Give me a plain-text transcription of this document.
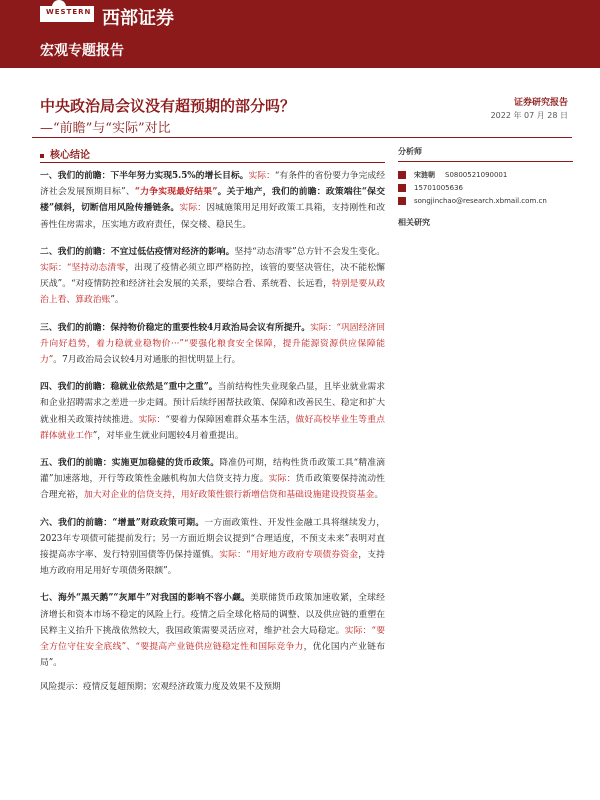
WESTERN 西部证券
宏观专题报告
中央政治局会议没有超预期的部分吗？
—“前瞻”与“实际”对比
证券研究报告
2022 年 07 月 28 日
核心结论	分析师
宋涟朝 S0800521090001
15701005636
songjinchao@research.xbmail.com.cn
相关研究

一、我们的前瞻：下半年努力实现5.5%的增长目标。实际：“有条件的省份要力争完成经济社会发展预期目标”、“力争实现最好结果”。关于地产，我们的前瞻：政策端往“保交楼”倾斜，切断信用风险传播链条。实际：因城施策用足用好政策工具箱，支持刚性和改善性住房需求，压实地方政府责任，保交楼、稳民生。

二、我们的前瞻：不宜过低估疫情对经济的影响。坚持“动态清零”总方针不会发生变化。实际：“坚持动态清零，出现了疫情必须立即严格防控，该管的要坚决管住，决不能松懈厌战”。“对疫情防控和经济社会发展的关系，要综合看、系统看、长远看，特别是要从政治上看、算政治账”。

三、我们的前瞻：保持物价稳定的重要性较4月政治局会议有所提升。实际：“巩固经济回升向好趋势，着力稳就业稳物价···”“要强化粮食安全保障，提升能源资源供应保障能力”。7月政治局会议较4月对通胀的担忧明显上行。

四、我们的前瞻：稳就业依然是“重中之重”。当前结构性失业现象凸显，且毕业就业需求和企业招聘需求之差进一步走阔。预计后续纾困帮扶政策、保障和改善民生、稳定和扩大就业相关政策持续推进。实际：“要着力保障困难群众基本生活，做好高校毕业生等重点群体就业工作”，对毕业生就业问题较4月着重提出。

五、我们的前瞻：实施更加稳健的货币政策。降准仍可期，结构性货币政策工具“精准滴灌”加速落地，开行等政策性金融机构加大信贷支持力度。实际：货币政策要保持流动性合理充裕，加大对企业的信贷支持，用好政策性银行新增信贷和基础设施建设投资基金。

六、我们的前瞻：“增量”财政政策可期。一方面政策性、开发性金融工具将继续发力，2023年专项债可能提前发行；另一方面近期会议提到“合理适度，不预支未来”表明对直接提高赤字率、发行特别国债等仍保持谨慎。实际：“用好地方政府专项债券资金，支持地方政府用足用好专项债务限额”。

七、海外“黑天鹅”“灰犀牛”对我国的影响不容小觑。美联储货币政策加速收紧，全球经济增长和资本市场不稳定的风险上行。疫情之后全球化格局的调整、以及供应链的重塑在民粹主义抬升下挑战依然较大，我国政策需要灵活应对，维护社会大局稳定。实际：“要全方位守住安全底线”、“要提高产业链供应链稳定性和国际竞争力，优化国内产业链布局”。

风险提示：疫情反复超预期；宏观经济政策力度及效果不及预期
